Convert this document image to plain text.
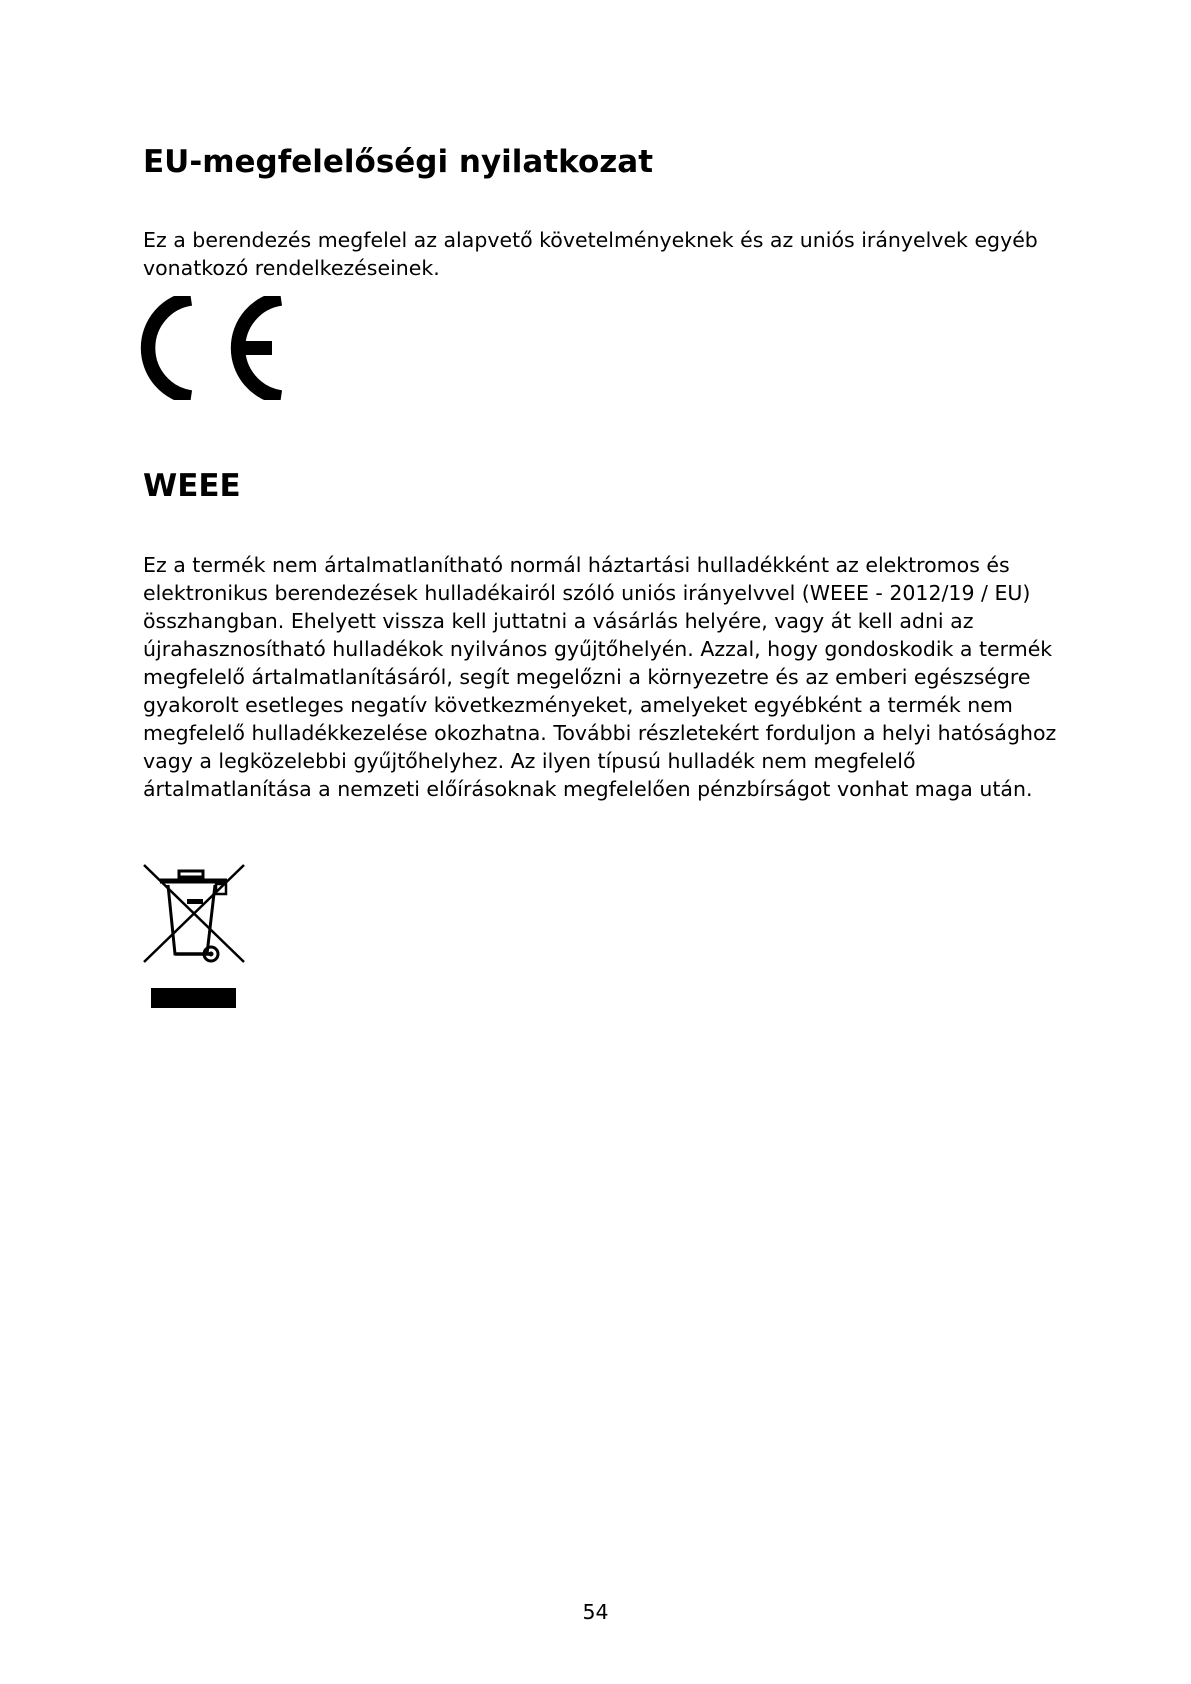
EU-megfelelőségi nyilatkozat

Ez a berendezés megfelel az alapvető követelményeknek és az uniós irányelvek egyéb
vonatkozó rendelkezéseinek.

WEEE

Ez a termék nem ártalmatlanítható normál háztartási hulladékként az elektromos és
elektronikus berendezések hulladékairól szóló uniós irányelvvel (WEEE - 2012/19 / EU)
összhangban. Ehelyett vissza kell juttatni a vásárlás helyére, vagy át kell adni az
újrahasznosítható hulladékok nyilvános gyűjtőhelyén. Azzal, hogy gondoskodik a termék
megfelelő ártalmatlanításáról, segít megelőzni a környezetre és az emberi egészségre
gyakorolt esetleges negatív következményeket, amelyeket egyébként a termék nem
megfelelő hulladékkezelése okozhatna. További részletekért forduljon a helyi hatósághoz
vagy a legközelebbi gyűjtőhelyhez. Az ilyen típusú hulladék nem megfelelő
ártalmatlanítása a nemzeti előírásoknak megfelelően pénzbírságot vonhat maga után.

54
